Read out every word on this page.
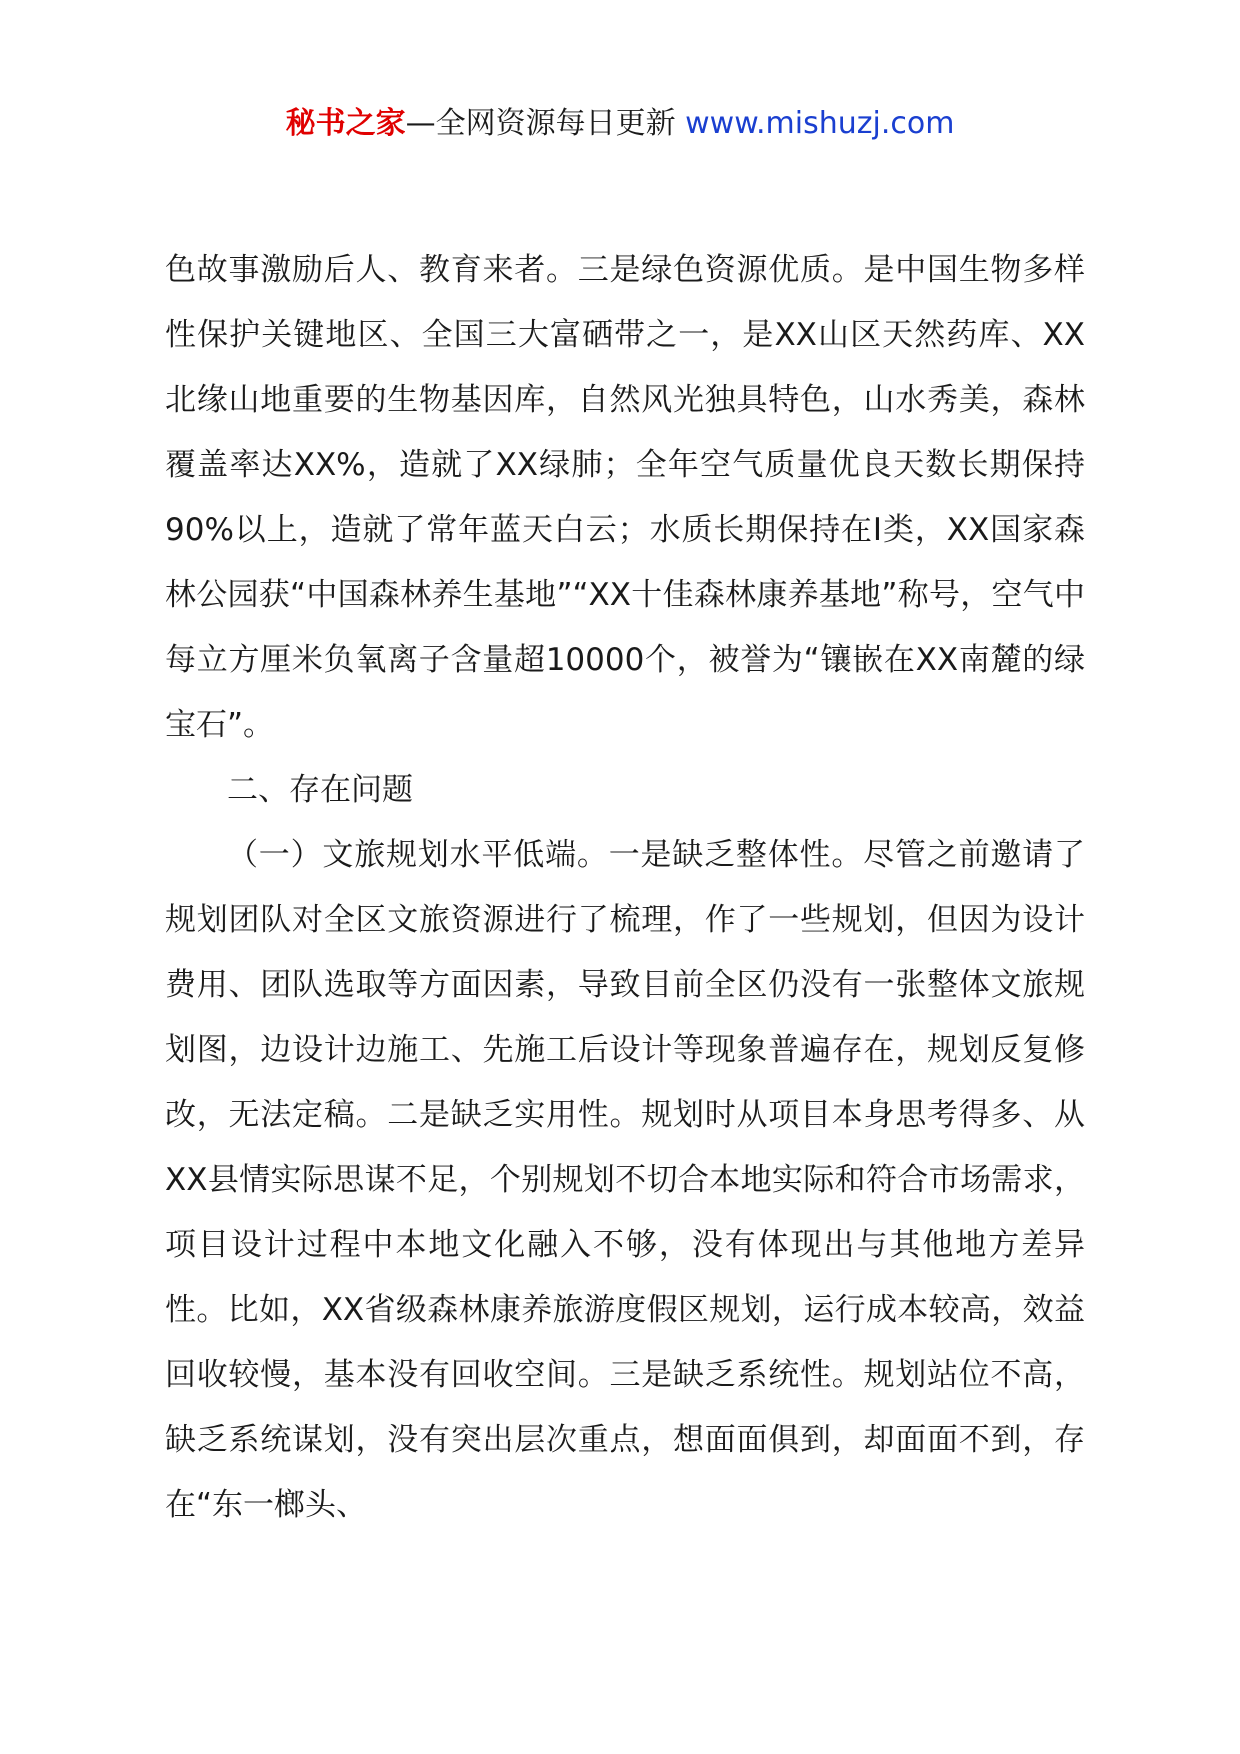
秘书之家—全网资源每日更新 www.mishuzj.com

色故事激励后人、教育来者。三是绿色资源优质。是中国生物多样性保护关键地区、全国三大富硒带之一，是XX山区天然药库、XX北缘山地重要的生物基因库，自然风光独具特色，山水秀美，森林覆盖率达XX%，造就了XX绿肺；全年空气质量优良天数长期保持90%以上，造就了常年蓝天白云；水质长期保持在Ⅰ类，XX国家森林公园获“中国森林养生基地”“XX十佳森林康养基地”称号，空气中每立方厘米负氧离子含量超10000个，被誉为“镶嵌在XX南麓的绿宝石”。

二、存在问题

（一）文旅规划水平低端。一是缺乏整体性。尽管之前邀请了规划团队对全区文旅资源进行了梳理，作了一些规划，但因为设计费用、团队选取等方面因素，导致目前全区仍没有一张整体文旅规划图，边设计边施工、先施工后设计等现象普遍存在，规划反复修改，无法定稿。二是缺乏实用性。规划时从项目本身思考得多、从XX县情实际思谋不足，个别规划不切合本地实际和符合市场需求，项目设计过程中本地文化融入不够，没有体现出与其他地方差异性。比如，XX省级森林康养旅游度假区规划，运行成本较高，效益回收较慢，基本没有回收空间。三是缺乏系统性。规划站位不高，缺乏系统谋划，没有突出层次重点，想面面俱到，却面面不到，存在“东一榔头、
